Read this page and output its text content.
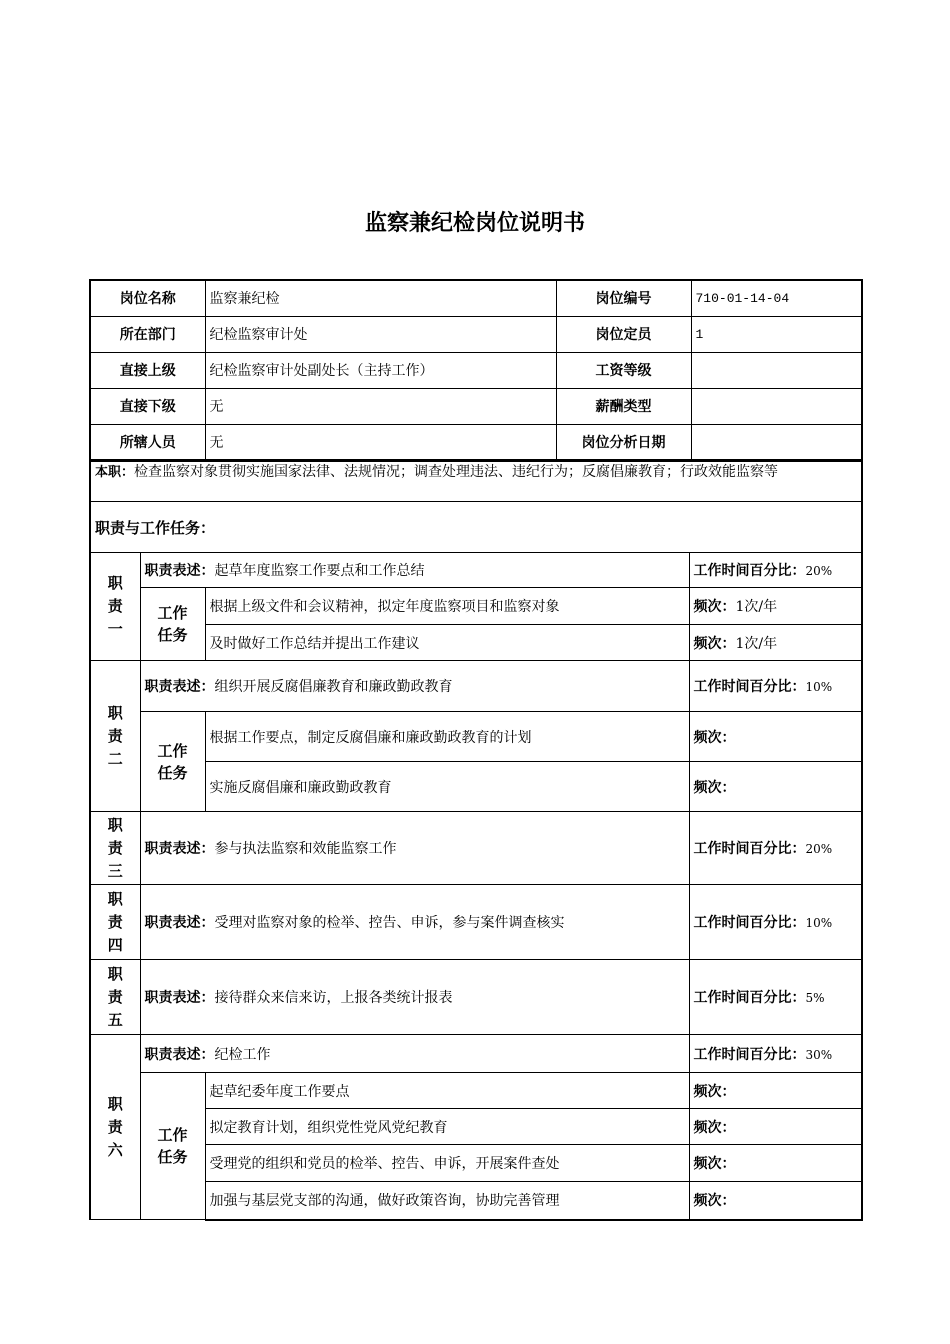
监察兼纪检岗位说明书
岗位名称	监察兼纪检	岗位编号	710-01-14-04
所在部门	纪检监察审计处	岗位定员	1
直接上级	纪检监察审计处副处长（主持工作）	工资等级	
直接下级	无	薪酬类型	
所辖人员	无	岗位分析日期	
本职：检查监察对象贯彻实施国家法律、法规情况；调查处理违法、违纪行为；反腐倡廉教育；行政效能监察等
职责与工作任务：
职
责
一	职责表述：起草年度监察工作要点和工作总结		工作时间百分比：20%
	工作
任务	根据上级文件和会议精神，拟定年度监察项目和监察对象	频次：1次/年
		及时做好工作总结并提出工作建议	频次：1次/年
职
责
二	职责表述：组织开展反腐倡廉教育和廉政勤政教育		工作时间百分比：10%
	工作
任务	根据工作要点，制定反腐倡廉和廉政勤政教育的计划	频次：
		实施反腐倡廉和廉政勤政教育	频次：
职
责
三	职责表述：参与执法监察和效能监察工作		工作时间百分比：20%
职
责
四	职责表述：受理对监察对象的检举、控告、申诉，参与案件调查核实		工作时间百分比：10%
职
责
五	职责表述：接待群众来信来访，上报各类统计报表		工作时间百分比：5%
职
责
六	职责表述：纪检工作		工作时间百分比：30%
	工作
任务	起草纪委年度工作要点	频次：
		拟定教育计划，组织党性党风党纪教育	频次：
		受理党的组织和党员的检举、控告、申诉，开展案件查处	频次：
		加强与基层党支部的沟通，做好政策咨询，协助完善管理	频次：
